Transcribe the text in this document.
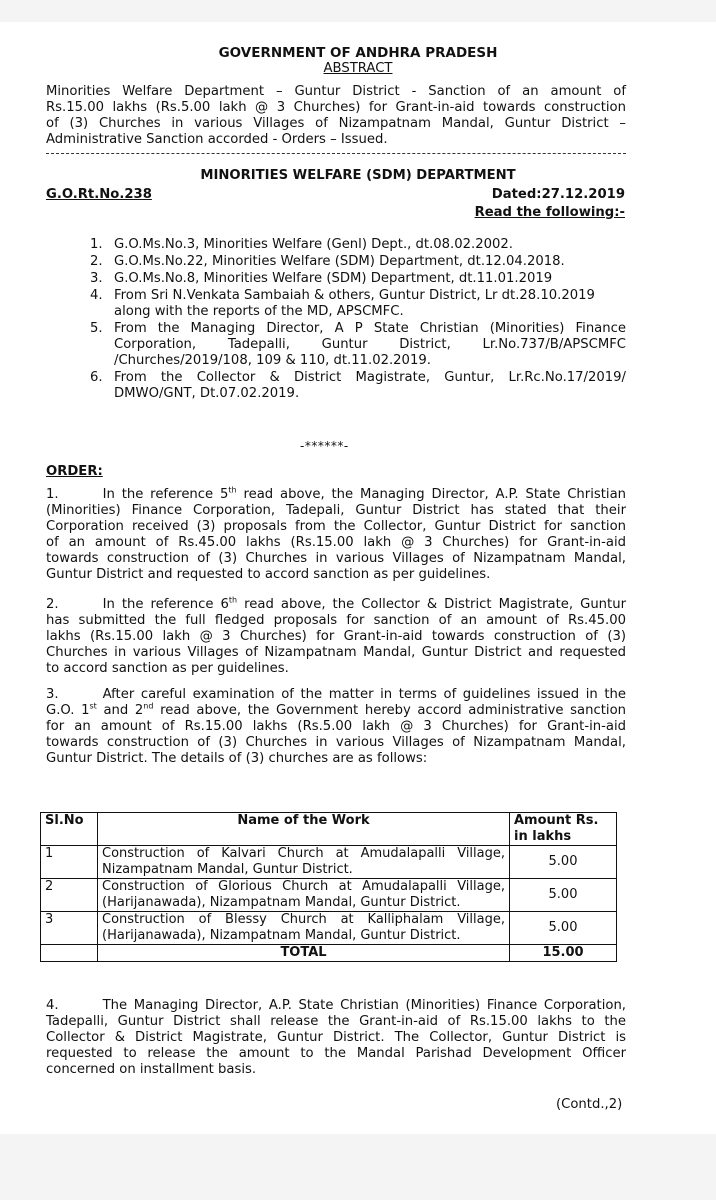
GOVERNMENT OF ANDHRA PRADESH
ABSTRACT
Minorities Welfare Department – Guntur District - Sanction of an amount of
Rs.15.00 lakhs (Rs.5.00 lakh @ 3 Churches) for Grant-in-aid towards construction
of (3) Churches in various Villages of Nizampatnam Mandal, Guntur District –
Administrative Sanction accorded - Orders – Issued.
MINORITIES WELFARE (SDM) DEPARTMENT
G.O.Rt.No.238	Dated:27.12.2019
Read the following:-
1. G.O.Ms.No.3, Minorities Welfare (Genl) Dept., dt.08.02.2002.
2. G.O.Ms.No.22, Minorities Welfare (SDM) Department, dt.12.04.2018.
3. G.O.Ms.No.8, Minorities Welfare (SDM) Department, dt.11.01.2019
4. From Sri N.Venkata Sambaiah & others, Guntur District, Lr dt.28.10.2019
along with the reports of the MD, APSCMFC.
5. From the Managing Director, A P State Christian (Minorities) Finance
Corporation, Tadepalli, Guntur District, Lr.No.737/B/APSCMFC
/Churches/2019/108, 109 & 110, dt.11.02.2019.
6. From the Collector & District Magistrate, Guntur, Lr.Rc.No.17/2019/
DMWO/GNT, Dt.07.02.2019.
-******-
ORDER:
1.	In the reference 5th read above, the Managing Director, A.P. State Christian
(Minorities) Finance Corporation, Tadepali, Guntur District has stated that their
Corporation received (3) proposals from the Collector, Guntur District for sanction
of an amount of Rs.45.00 lakhs (Rs.15.00 lakh @ 3 Churches) for Grant-in-aid
towards construction of (3) Churches in various Villages of Nizampatnam Mandal,
Guntur District and requested to accord sanction as per guidelines.
2.	In the reference 6th read above, the Collector & District Magistrate, Guntur
has submitted the full fledged proposals for sanction of an amount of Rs.45.00
lakhs (Rs.15.00 lakh @ 3 Churches) for Grant-in-aid towards construction of (3)
Churches in various Villages of Nizampatnam Mandal, Guntur District and requested
to accord sanction as per guidelines.
3.	After careful examination of the matter in terms of guidelines issued in the
G.O. 1st and 2nd read above, the Government hereby accord administrative sanction
for an amount of Rs.15.00 lakhs (Rs.5.00 lakh @ 3 Churches) for Grant-in-aid
towards construction of (3) Churches in various Villages of Nizampatnam Mandal,
Guntur District. The details of (3) churches are as follows:
Sl.No	Name of the Work	Amount Rs. in lakhs
1	Construction of Kalvari Church at Amudalapalli Village, Nizampatnam Mandal, Guntur District.	5.00
2	Construction of Glorious Church at Amudalapalli Village, (Harijanawada), Nizampatnam Mandal, Guntur District.	5.00
3	Construction of Blessy Church at Kalliphalam Village, (Harijanawada), Nizampatnam Mandal, Guntur District.	5.00
	TOTAL	15.00
4.	The Managing Director, A.P. State Christian (Minorities) Finance Corporation,
Tadepalli, Guntur District shall release the Grant-in-aid of Rs.15.00 lakhs to the
Collector & District Magistrate, Guntur District. The Collector, Guntur District is
requested to release the amount to the Mandal Parishad Development Officer
concerned on installment basis.
(Contd.,2)
